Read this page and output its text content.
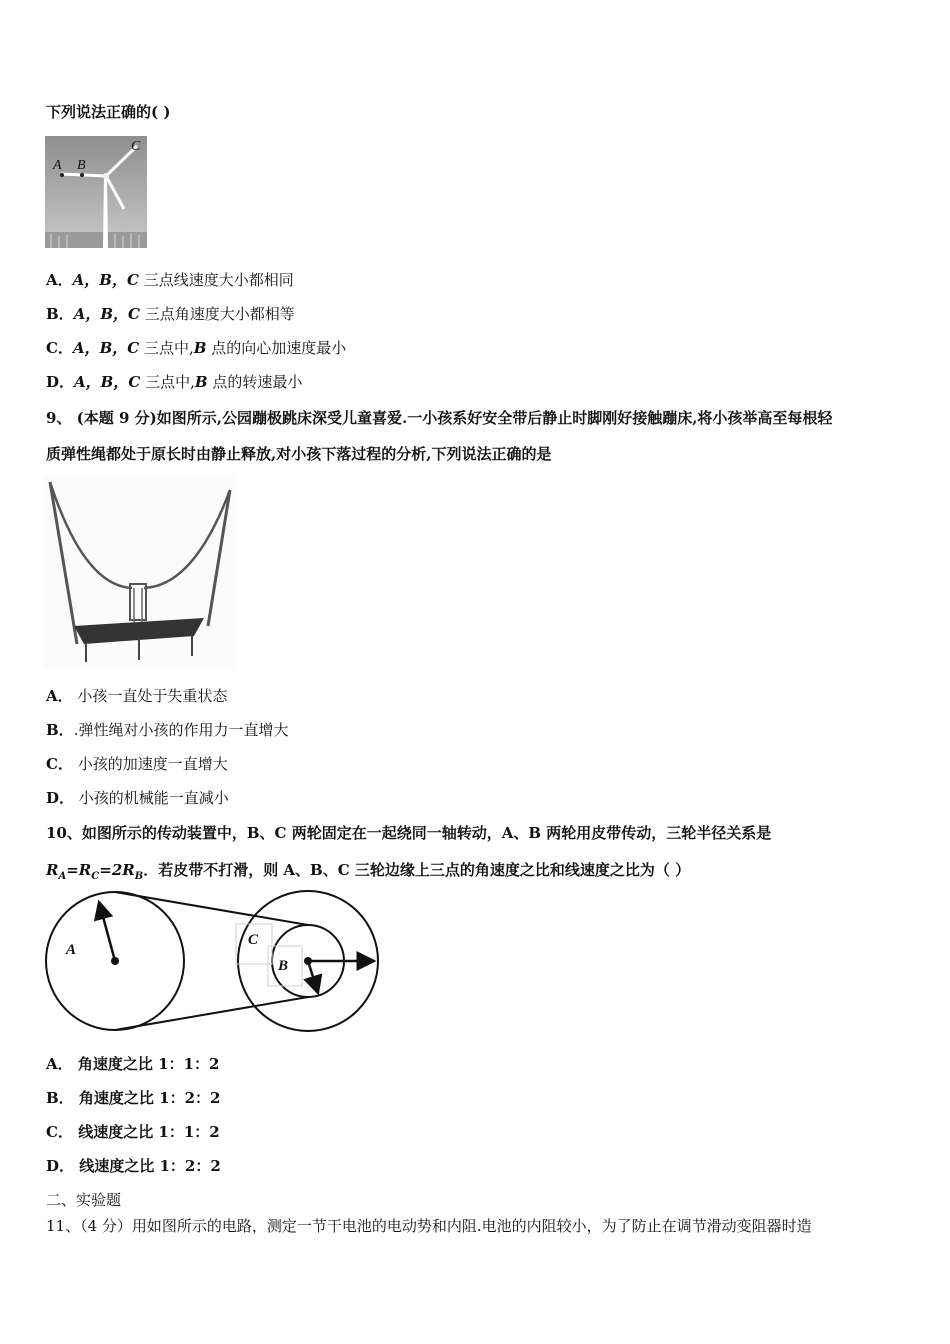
下列说法正确的( )
A B
C
A．A，B，C 三点线速度大小都相同
B．A，B，C 三点角速度大小都相等
C．A，B，C 三点中,B 点的向心加速度最小
D．A，B，C 三点中,B 点的转速最小
9、 (本题 9 分)如图所示,公园蹦极跳床深受儿童喜爱.一小孩系好安全带后静止时脚刚好接触蹦床,将小孩举高至每根轻
质弹性绳都处于原长时由静止释放,对小孩下落过程的分析,下列说法正确的是
A． 小孩一直处于失重状态
B．.弹性绳对小孩的作用力一直增大
C． 小孩的加速度一直增大
D． 小孩的机械能一直减小
10、如图所示的传动装置中，B、C 两轮固定在一起绕同一轴转动，A、B 两轮用皮带传动，三轮半径关系是
$R_A=R_C=2R_B$．若皮带不打滑，则 A、B、C 三轮边缘上三点的角速度之比和线速度之比为（ ）
A
C
B
A． 角速度之比 1：1：2
B． 角速度之比 1：2：2
C． 线速度之比 1：1：2
D． 线速度之比 1：2：2
二、实验题
11、（4 分）用如图所示的电路，测定一节干电池的电动势和内阻.电池的内阻较小，为了防止在调节滑动变阻器时造
